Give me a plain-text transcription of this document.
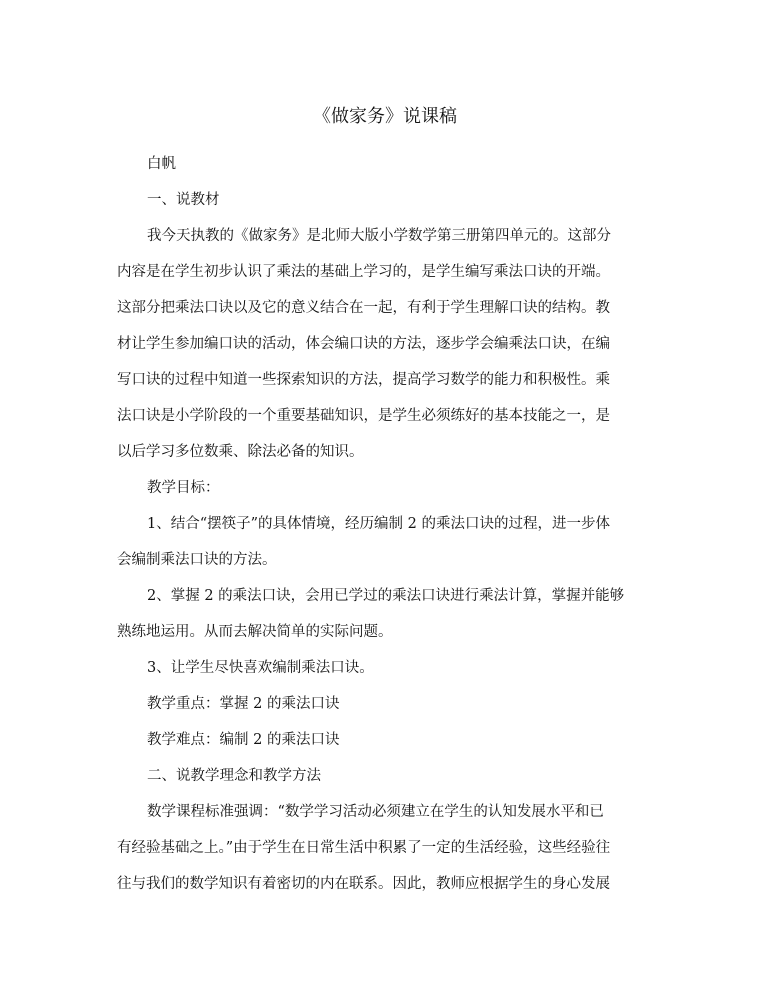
《做家务》说课稿
白帆
一、说教材
我今天执教的《做家务》是北师大版小学数学第三册第四单元的。这部分
内容是在学生初步认识了乘法的基础上学习的，是学生编写乘法口诀的开端。
这部分把乘法口诀以及它的意义结合在一起，有利于学生理解口诀的结构。教
材让学生参加编口诀的活动，体会编口诀的方法，逐步学会编乘法口诀，在编
写口诀的过程中知道一些探索知识的方法，提高学习数学的能力和积极性。乘
法口诀是小学阶段的一个重要基础知识，是学生必须练好的基本技能之一，是
以后学习多位数乘、除法必备的知识。
教学目标：
1、结合“摆筷子”的具体情境，经历编制 2 的乘法口诀的过程，进一步体
会编制乘法口诀的方法。
2、掌握 2 的乘法口诀，会用已学过的乘法口诀进行乘法计算，掌握并能够
熟练地运用。从而去解决简单的实际问题。
3、让学生尽快喜欢编制乘法口诀。
教学重点：掌握 2 的乘法口诀
教学难点：编制 2 的乘法口诀
二、说教学理念和教学方法
数学课程标准强调：“数学学习活动必须建立在学生的认知发展水平和已
有经验基础之上。”由于学生在日常生活中积累了一定的生活经验，这些经验往
往与我们的数学知识有着密切的内在联系。因此，教师应根据学生的身心发展
